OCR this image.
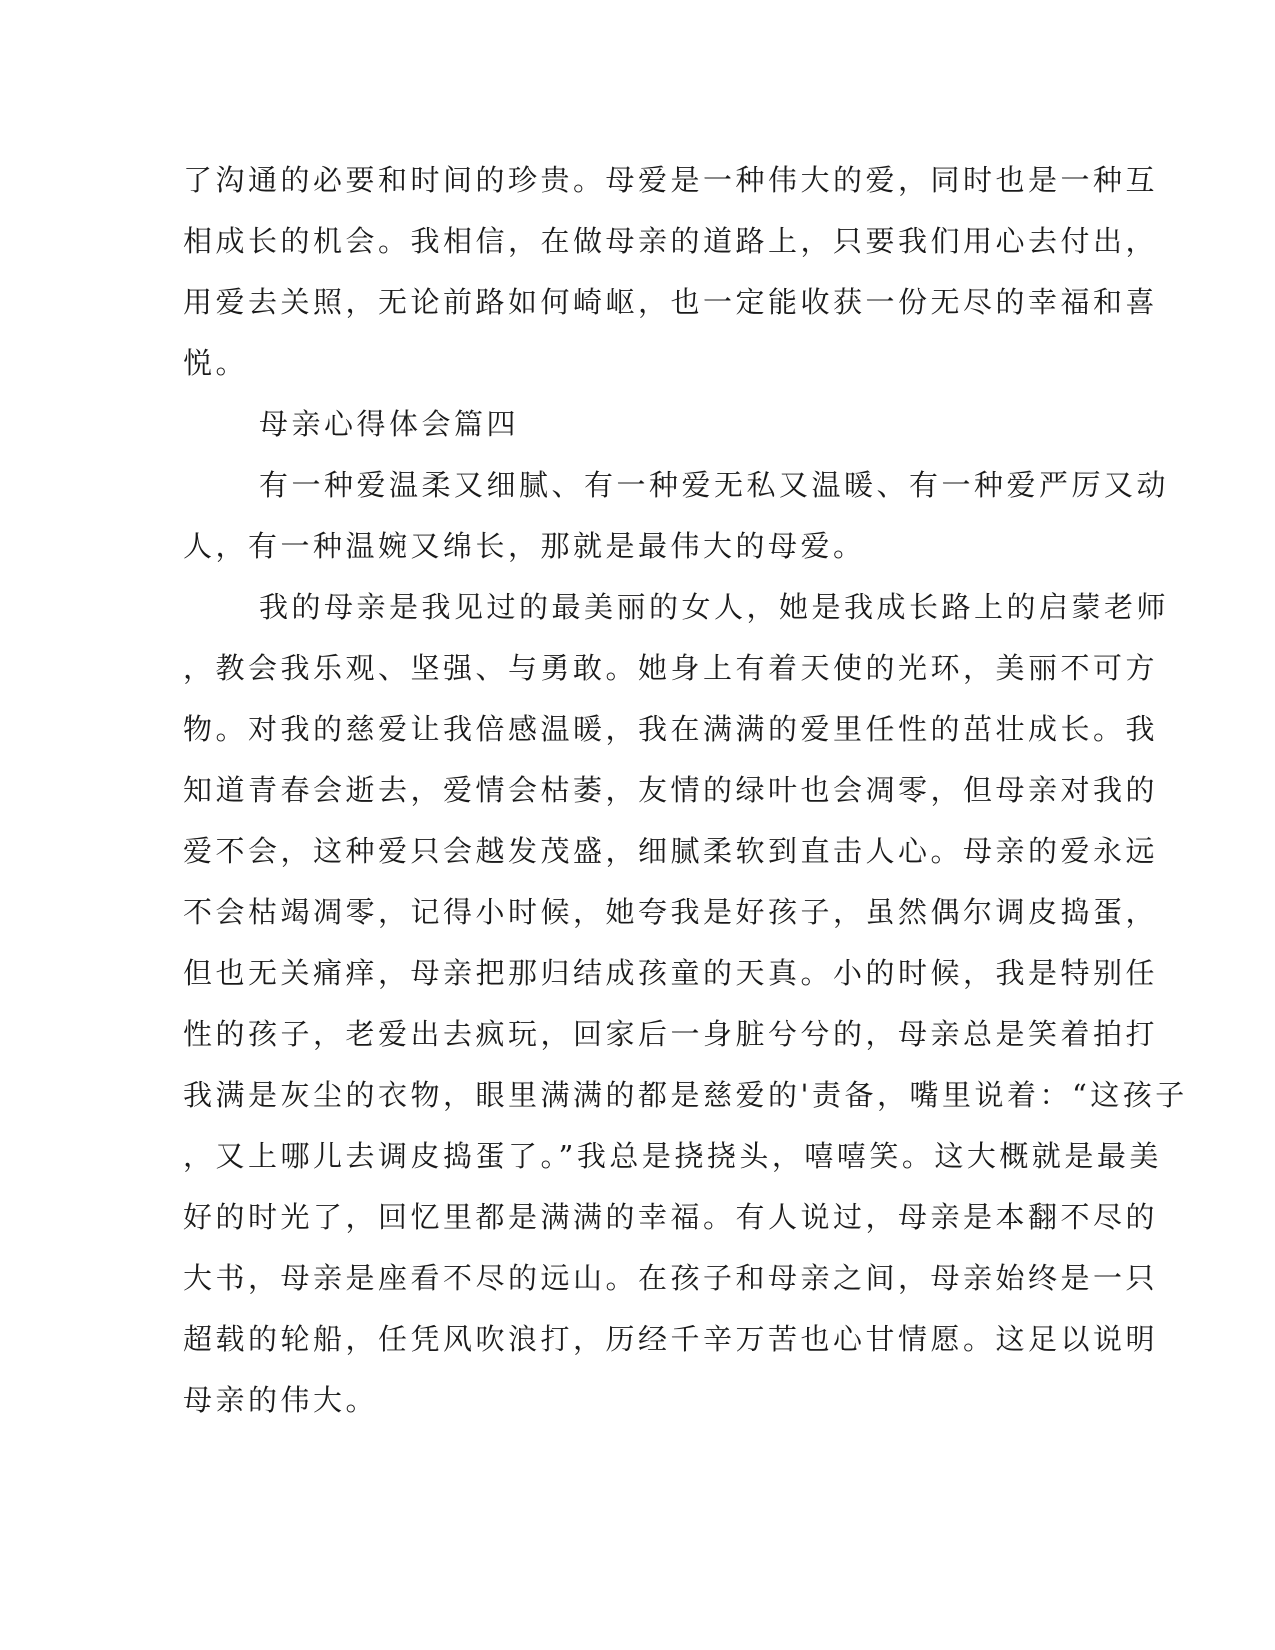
了沟通的必要和时间的珍贵。母爱是一种伟大的爱，同时也是一种互
相成长的机会。我相信，在做母亲的道路上，只要我们用心去付出，
用爱去关照，无论前路如何崎岖，也一定能收获一份无尽的幸福和喜
悦。
母亲心得体会篇四
有一种爱温柔又细腻、有一种爱无私又温暖、有一种爱严厉又动
人，有一种温婉又绵长，那就是最伟大的母爱。
我的母亲是我见过的最美丽的女人，她是我成长路上的启蒙老师
，教会我乐观、坚强、与勇敢。她身上有着天使的光环，美丽不可方
物。对我的慈爱让我倍感温暖，我在满满的爱里任性的茁壮成长。我
知道青春会逝去，爱情会枯萎，友情的绿叶也会凋零，但母亲对我的
爱不会，这种爱只会越发茂盛，细腻柔软到直击人心。母亲的爱永远
不会枯竭凋零，记得小时候，她夸我是好孩子，虽然偶尔调皮捣蛋，
但也无关痛痒，母亲把那归结成孩童的天真。小的时候，我是特别任
性的孩子，老爱出去疯玩，回家后一身脏兮兮的，母亲总是笑着拍打
我满是灰尘的衣物，眼里满满的都是慈爱的'责备，嘴里说着：“这孩子
，又上哪儿去调皮捣蛋了。”我总是挠挠头，嘻嘻笑。这大概就是最美
好的时光了，回忆里都是满满的幸福。有人说过，母亲是本翻不尽的
大书，母亲是座看不尽的远山。在孩子和母亲之间，母亲始终是一只
超载的轮船，任凭风吹浪打，历经千辛万苦也心甘情愿。这足以说明
母亲的伟大。
